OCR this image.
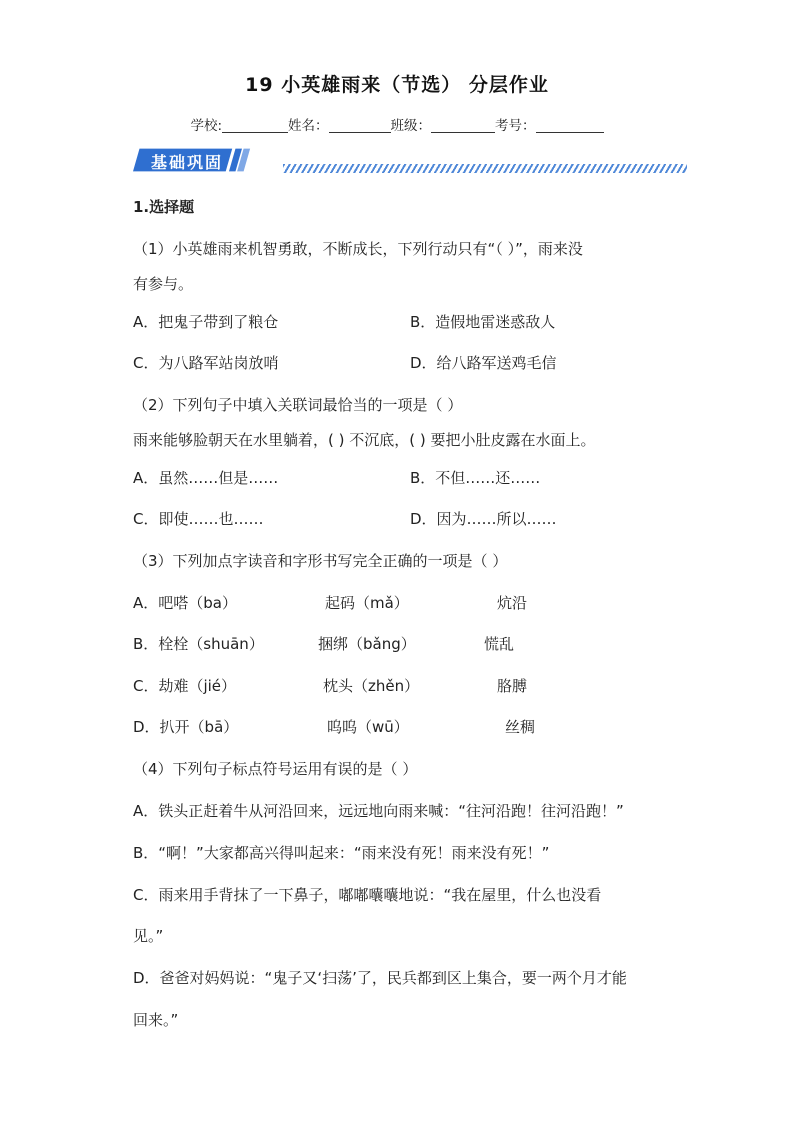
19 小英雄雨来（节选） 分层作业
学校:	姓名：	班级：	考号：
基础巩固
1.选择题
（1）小英雄雨来机智勇敢，不断成长，下列行动只有“（ ）”，雨来没
有参与。
A．把鬼子带到了粮仓	B．造假地雷迷惑敌人
C．为八路军站岗放哨	D．给八路军送鸡毛信
（2）下列句子中填入关联词最恰当的一项是（ ）
雨来能够脸朝天在水里躺着，( ) 不沉底，( ) 要把小肚皮露在水面上。
A．虽然……但是……	B．不但……还……
C．即使……也……	D．因为……所以……
（3）下列加点字读音和字形书写完全正确的一项是（ ）
A．吧嗒（ba）	起码（mǎ）	炕沿
B．栓栓（shuān）	捆绑（bǎng）	慌乱
C．劫难（jié）	枕头（zhěn）	胳膊
D．扒开（bā）	呜呜（wū）	丝稠
（4）下列句子标点符号运用有误的是（ ）
A．铁头正赶着牛从河沿回来，远远地向雨来喊：“往河沿跑！往河沿跑！”
B．“啊！”大家都高兴得叫起来：“雨来没有死！雨来没有死！”
C．雨来用手背抹了一下鼻子，嘟嘟囔囔地说：“我在屋里，什么也没看
见。”
D．爸爸对妈妈说：“鬼子又‘扫荡’了，民兵都到区上集合，要一两个月才能
回来。”
